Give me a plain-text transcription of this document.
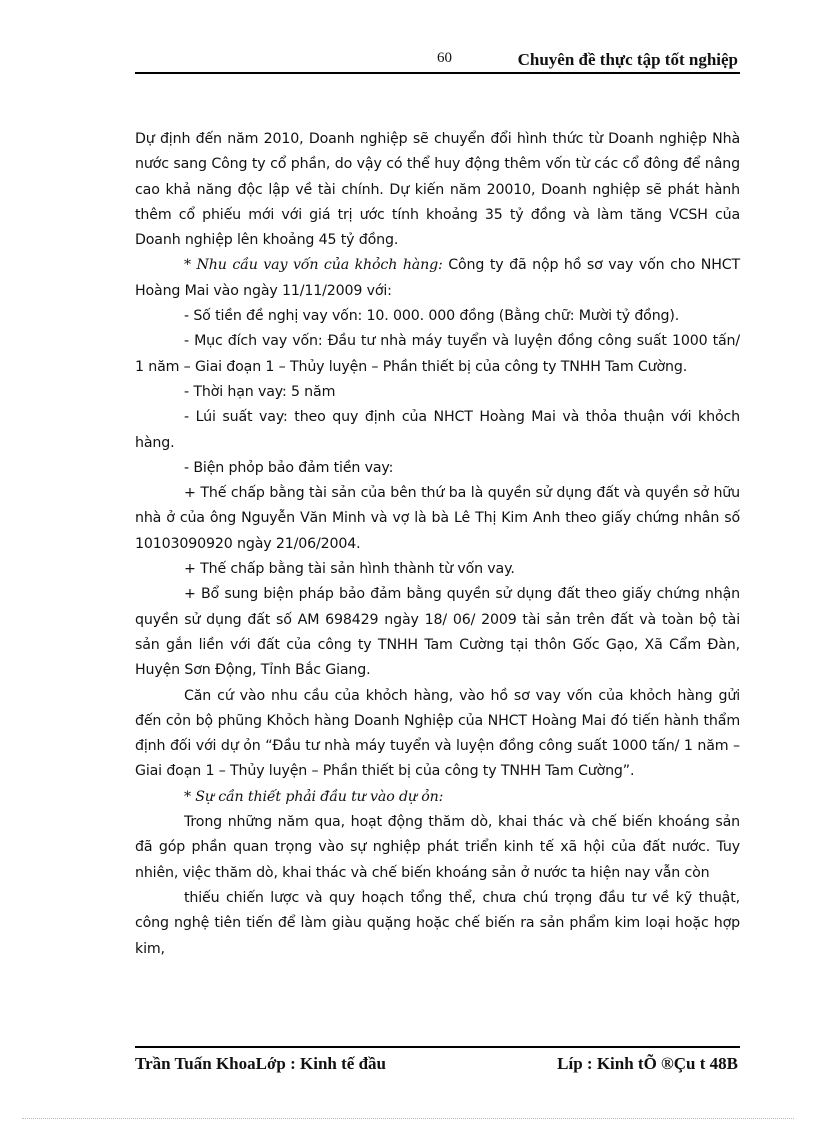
60	Chuyên đề thực tập tốt nghiệp

Dự định đến năm 2010, Doanh nghiệp sẽ chuyển đổi hình thức từ Doanh nghiệp Nhà nước sang Công ty cổ phần, do vậy có thể huy động thêm vốn từ các cổ đông để nâng cao khả năng độc lập về tài chính. Dự kiến năm 20010, Doanh nghiệp sẽ phát hành thêm cổ phiếu mới với giá trị ước tính khoảng 35 tỷ đồng và làm tăng VCSH của Doanh nghiệp lên khoảng 45 tỷ đồng.

* Nhu cầu vay vốn của khỏch hàng: Công ty đã nộp hồ sơ vay vốn cho NHCT Hoàng Mai vào ngày 11/11/2009 với:

- Số tiền đề nghị vay vốn: 10. 000. 000 đồng (Bằng chữ: Mười tỷ đồng).

- Mục đích vay vốn: Đầu tư nhà máy tuyển và luyện đồng công suất 1000 tấn/ 1 năm – Giai đoạn 1 – Thủy luyện – Phần thiết bị của công ty TNHH Tam Cường.

- Thời hạn vay: 5 năm

- Lúi suất vay: theo quy định của NHCT Hoàng Mai và thỏa thuận với khỏch hàng.

- Biện phỏp bảo đảm tiền vay:

+ Thế chấp bằng tài sản của bên thứ ba là quyền sử dụng đất và quyền sở hữu nhà ở của ông Nguyễn Văn Minh và vợ là bà Lê Thị Kim Anh theo giấy chứng nhân số 10103090920 ngày 21/06/2004.

+ Thế chấp bằng tài sản hình thành từ vốn vay.

+ Bổ sung biện pháp bảo đảm bằng quyền sử dụng đất theo giấy chứng nhận quyền sử dụng đất số AM 698429 ngày 18/ 06/ 2009 tài sản trên đất và toàn bộ tài sản gắn liền với đất của công ty TNHH Tam Cường tại thôn Gốc Gạo, Xã Cẩm Đàn, Huyện Sơn Động, Tỉnh Bắc Giang.

Căn cứ vào nhu cầu của khỏch hàng, vào hồ sơ vay vốn của khỏch hàng gửi đến cỏn bộ phũng Khỏch hàng Doanh Nghiệp của NHCT Hoàng Mai đó tiến hành thẩm định đối với dự ỏn “Đầu tư nhà máy tuyển và luyện đồng công suất 1000 tấn/ 1 năm – Giai đoạn 1 – Thủy luyện – Phần thiết bị của công ty TNHH Tam Cường”.

* Sự cần thiết phải đầu tư vào dự ỏn:

Trong những năm qua, hoạt động thăm dò, khai thác và chế biến khoáng sản đã góp phần quan trọng vào sự nghiệp phát triển kinh tế xã hội của đất nước. Tuy nhiên, việc thăm dò, khai thác và chế biến khoáng sản ở nước ta hiện nay vẫn còn

thiếu chiến lược và quy hoạch tổng thể, chưa chú trọng đầu tư về kỹ thuật, công nghệ tiên tiến để làm giàu quặng hoặc chế biến ra sản phẩm kim loại hoặc hợp kim,

Trần Tuấn KhoaLớp : Kinh tế đầu	Líp : Kinh tÕ ®Çu t 48B
